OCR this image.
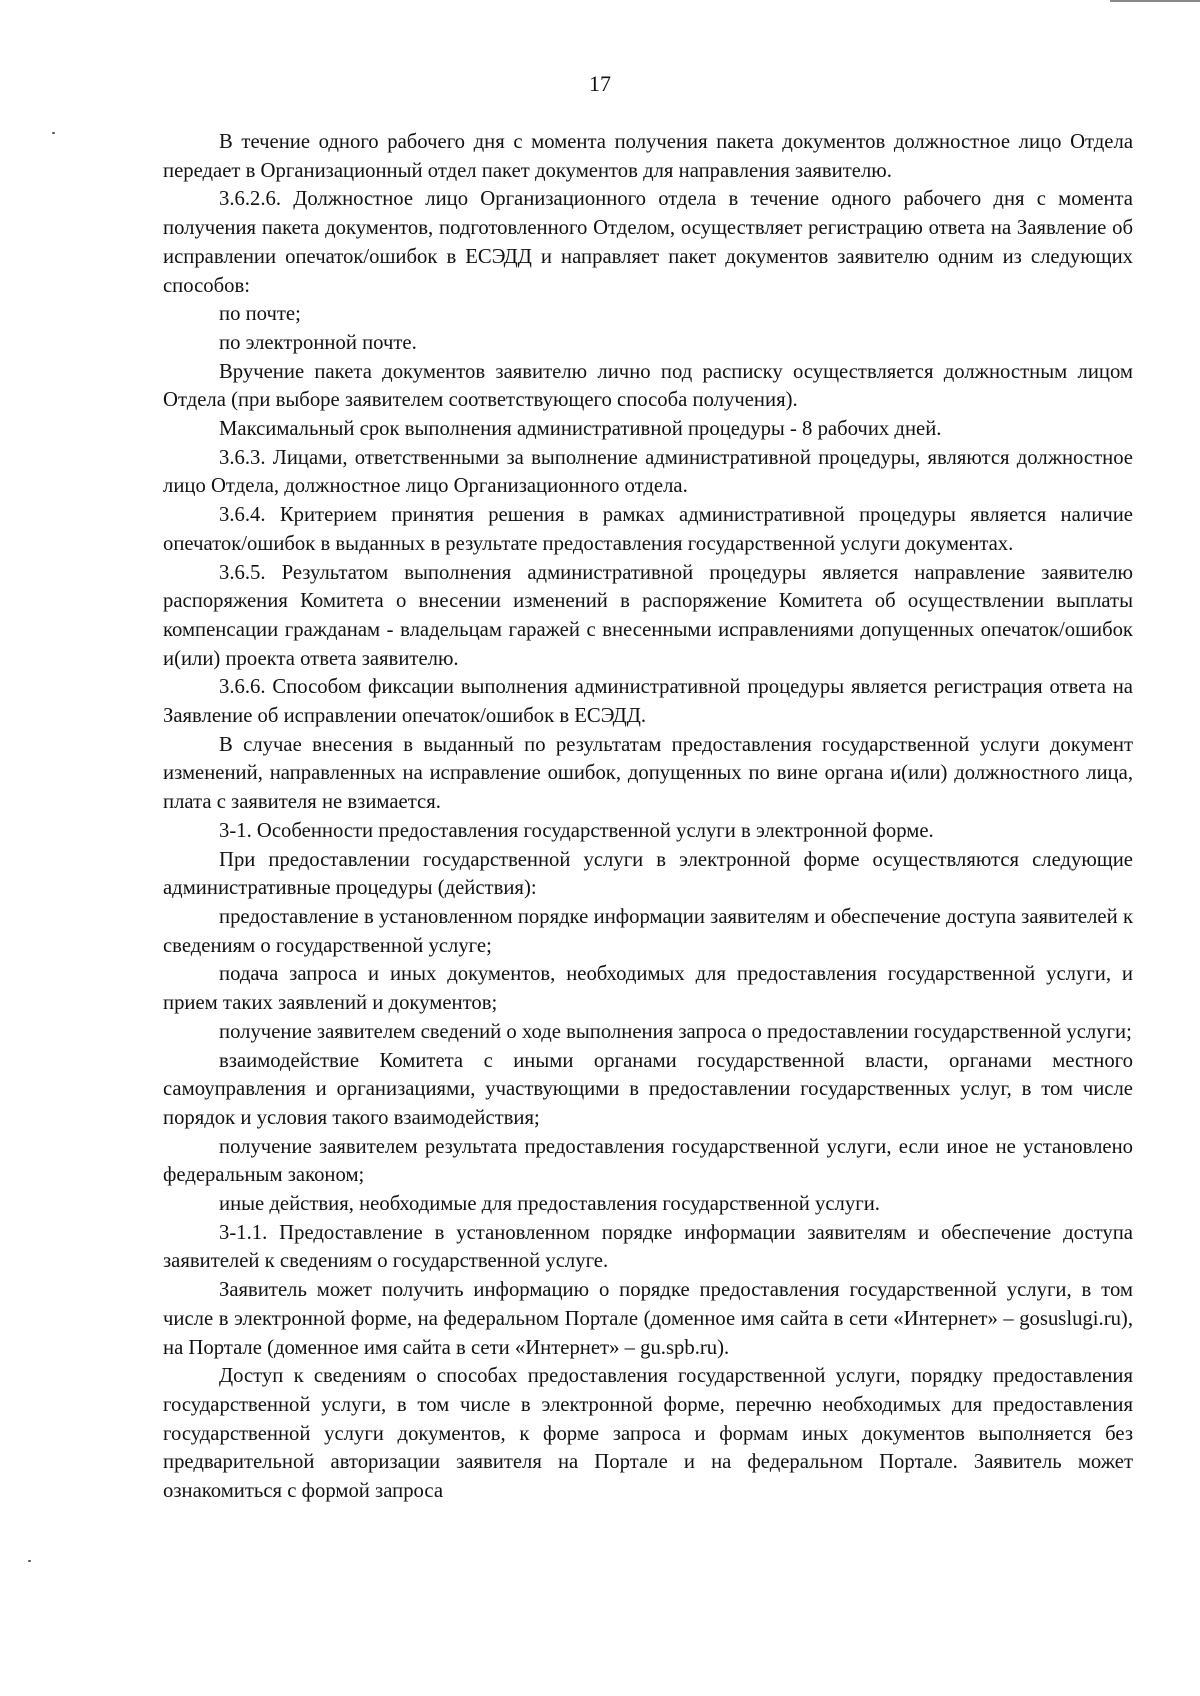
17

В течение одного рабочего дня с момента получения пакета документов должностное лицо Отдела передает в Организационный отдел пакет документов для направления заявителю.

3.6.2.6. Должностное лицо Организационного отдела в течение одного рабочего дня с момента получения пакета документов, подготовленного Отделом, осуществляет регистрацию ответа на Заявление об исправлении опечаток/ошибок в ЕСЭДД и направляет пакет документов заявителю одним из следующих способов:

по почте;

по электронной почте.

Вручение пакета документов заявителю лично под расписку осуществляется должностным лицом Отдела (при выборе заявителем соответствующего способа получения).

Максимальный срок выполнения административной процедуры - 8 рабочих дней.

3.6.3. Лицами, ответственными за выполнение административной процедуры, являются должностное лицо Отдела, должностное лицо Организационного отдела.

3.6.4. Критерием принятия решения в рамках административной процедуры является наличие опечаток/ошибок в выданных в результате предоставления государственной услуги документах.

3.6.5. Результатом выполнения административной процедуры является направление заявителю распоряжения Комитета о внесении изменений в распоряжение Комитета об осуществлении выплаты компенсации гражданам - владельцам гаражей с внесенными исправлениями допущенных опечаток/ошибок и(или) проекта ответа заявителю.

3.6.6. Способом фиксации выполнения административной процедуры является регистрация ответа на Заявление об исправлении опечаток/ошибок в ЕСЭДД.

В случае внесения в выданный по результатам предоставления государственной услуги документ изменений, направленных на исправление ошибок, допущенных по вине органа и(или) должностного лица, плата с заявителя не взимается.

3-1. Особенности предоставления государственной услуги в электронной форме.

При предоставлении государственной услуги в электронной форме осуществляются следующие административные процедуры (действия):

предоставление в установленном порядке информации заявителям и обеспечение доступа заявителей к сведениям о государственной услуге;

подача запроса и иных документов, необходимых для предоставления государственной услуги, и прием таких заявлений и документов;

получение заявителем сведений о ходе выполнения запроса о предоставлении государственной услуги;

взаимодействие Комитета с иными органами государственной власти, органами местного самоуправления и организациями, участвующими в предоставлении государственных услуг, в том числе порядок и условия такого взаимодействия;

получение заявителем результата предоставления государственной услуги, если иное не установлено федеральным законом;

иные действия, необходимые для предоставления государственной услуги.

3-1.1. Предоставление в установленном порядке информации заявителям и обеспечение доступа заявителей к сведениям о государственной услуге.

Заявитель может получить информацию о порядке предоставления государственной услуги, в том числе в электронной форме, на федеральном Портале (доменное имя сайта в сети «Интернет» – gosuslugi.ru), на Портале (доменное имя сайта в сети «Интернет» – gu.spb.ru).

Доступ к сведениям о способах предоставления государственной услуги, порядку предоставления государственной услуги, в том числе в электронной форме, перечню необходимых для предоставления государственной услуги документов, к форме запроса и формам иных документов выполняется без предварительной авторизации заявителя на Портале и на федеральном Портале. Заявитель может ознакомиться с формой запроса
